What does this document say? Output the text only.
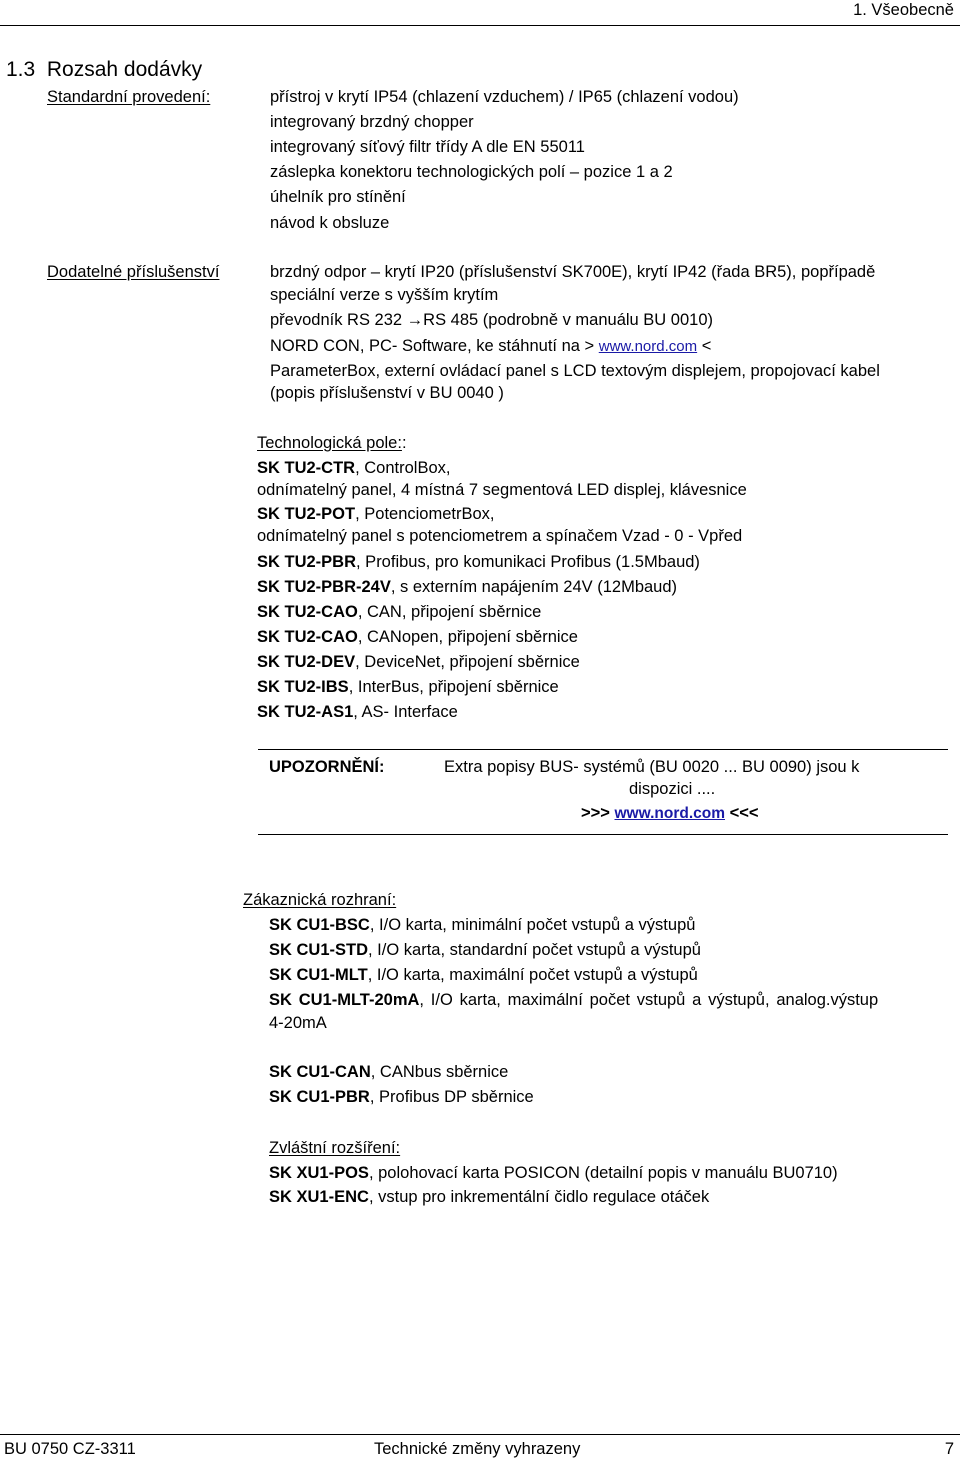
1. Všeobecně
1.3 Rozsah dodávky
Standardní provedení:	přístroj v krytí IP54 (chlazení vzduchem) / IP65 (chlazení vodou)
integrovaný brzdný chopper
integrovaný síťový filtr třídy A dle EN 55011
záslepka konektoru technologických polí – pozice 1 a 2
úhelník pro stínění
návod k obsluze
Dodatelné příslušenství	brzdný odpor – krytí IP20 (příslušenství SK700E), krytí IP42 (řada BR5), popřípadě
speciální verze s vyšším krytím
převodník RS 232 →RS 485 (podrobně v manuálu BU 0010)
NORD CON, PC- Software, ke stáhnutí na > www.nord.com <
ParameterBox, externí ovládací panel s LCD textovým displejem, propojovací kabel
(popis příslušenství v BU 0040 )
Technologická pole::
SK TU2-CTR, ControlBox,
odnímatelný panel, 4 místná 7 segmentová LED displej, klávesnice
SK TU2-POT, PotenciometrBox,
odnímatelný panel s potenciometrem a spínačem Vzad - 0 - Vpřed
SK TU2-PBR, Profibus, pro komunikaci Profibus (1.5Mbaud)
SK TU2-PBR-24V, s externím napájením 24V (12Mbaud)
SK TU2-CAO, CAN, připojení sběrnice
SK TU2-CAO, CANopen, připojení sběrnice
SK TU2-DEV, DeviceNet, připojení sběrnice
SK TU2-IBS, InterBus, připojení sběrnice
SK TU2-AS1, AS- Interface
UPOZORNĚNÍ:	Extra popisy BUS- systémů (BU 0020 ... BU 0090) jsou k
dispozici ....
>>> www.nord.com <<<
Zákaznická rozhraní:
SK CU1-BSC, I/O karta, minimální počet vstupů a výstupů
SK CU1-STD, I/O karta, standardní počet vstupů a výstupů
SK CU1-MLT, I/O karta, maximální počet vstupů a výstupů
SK CU1-MLT-20mA, I/O karta, maximální počet vstupů a výstupů, analog.výstup
4-20mA
SK CU1-CAN, CANbus sběrnice
SK CU1-PBR, Profibus DP sběrnice
Zvláštní rozšíření:
SK XU1-POS, polohovací karta POSICON (detailní popis v manuálu BU0710)
SK XU1-ENC, vstup pro inkrementální čidlo regulace otáček
BU 0750 CZ-3311	Technické změny vyhrazeny	7
